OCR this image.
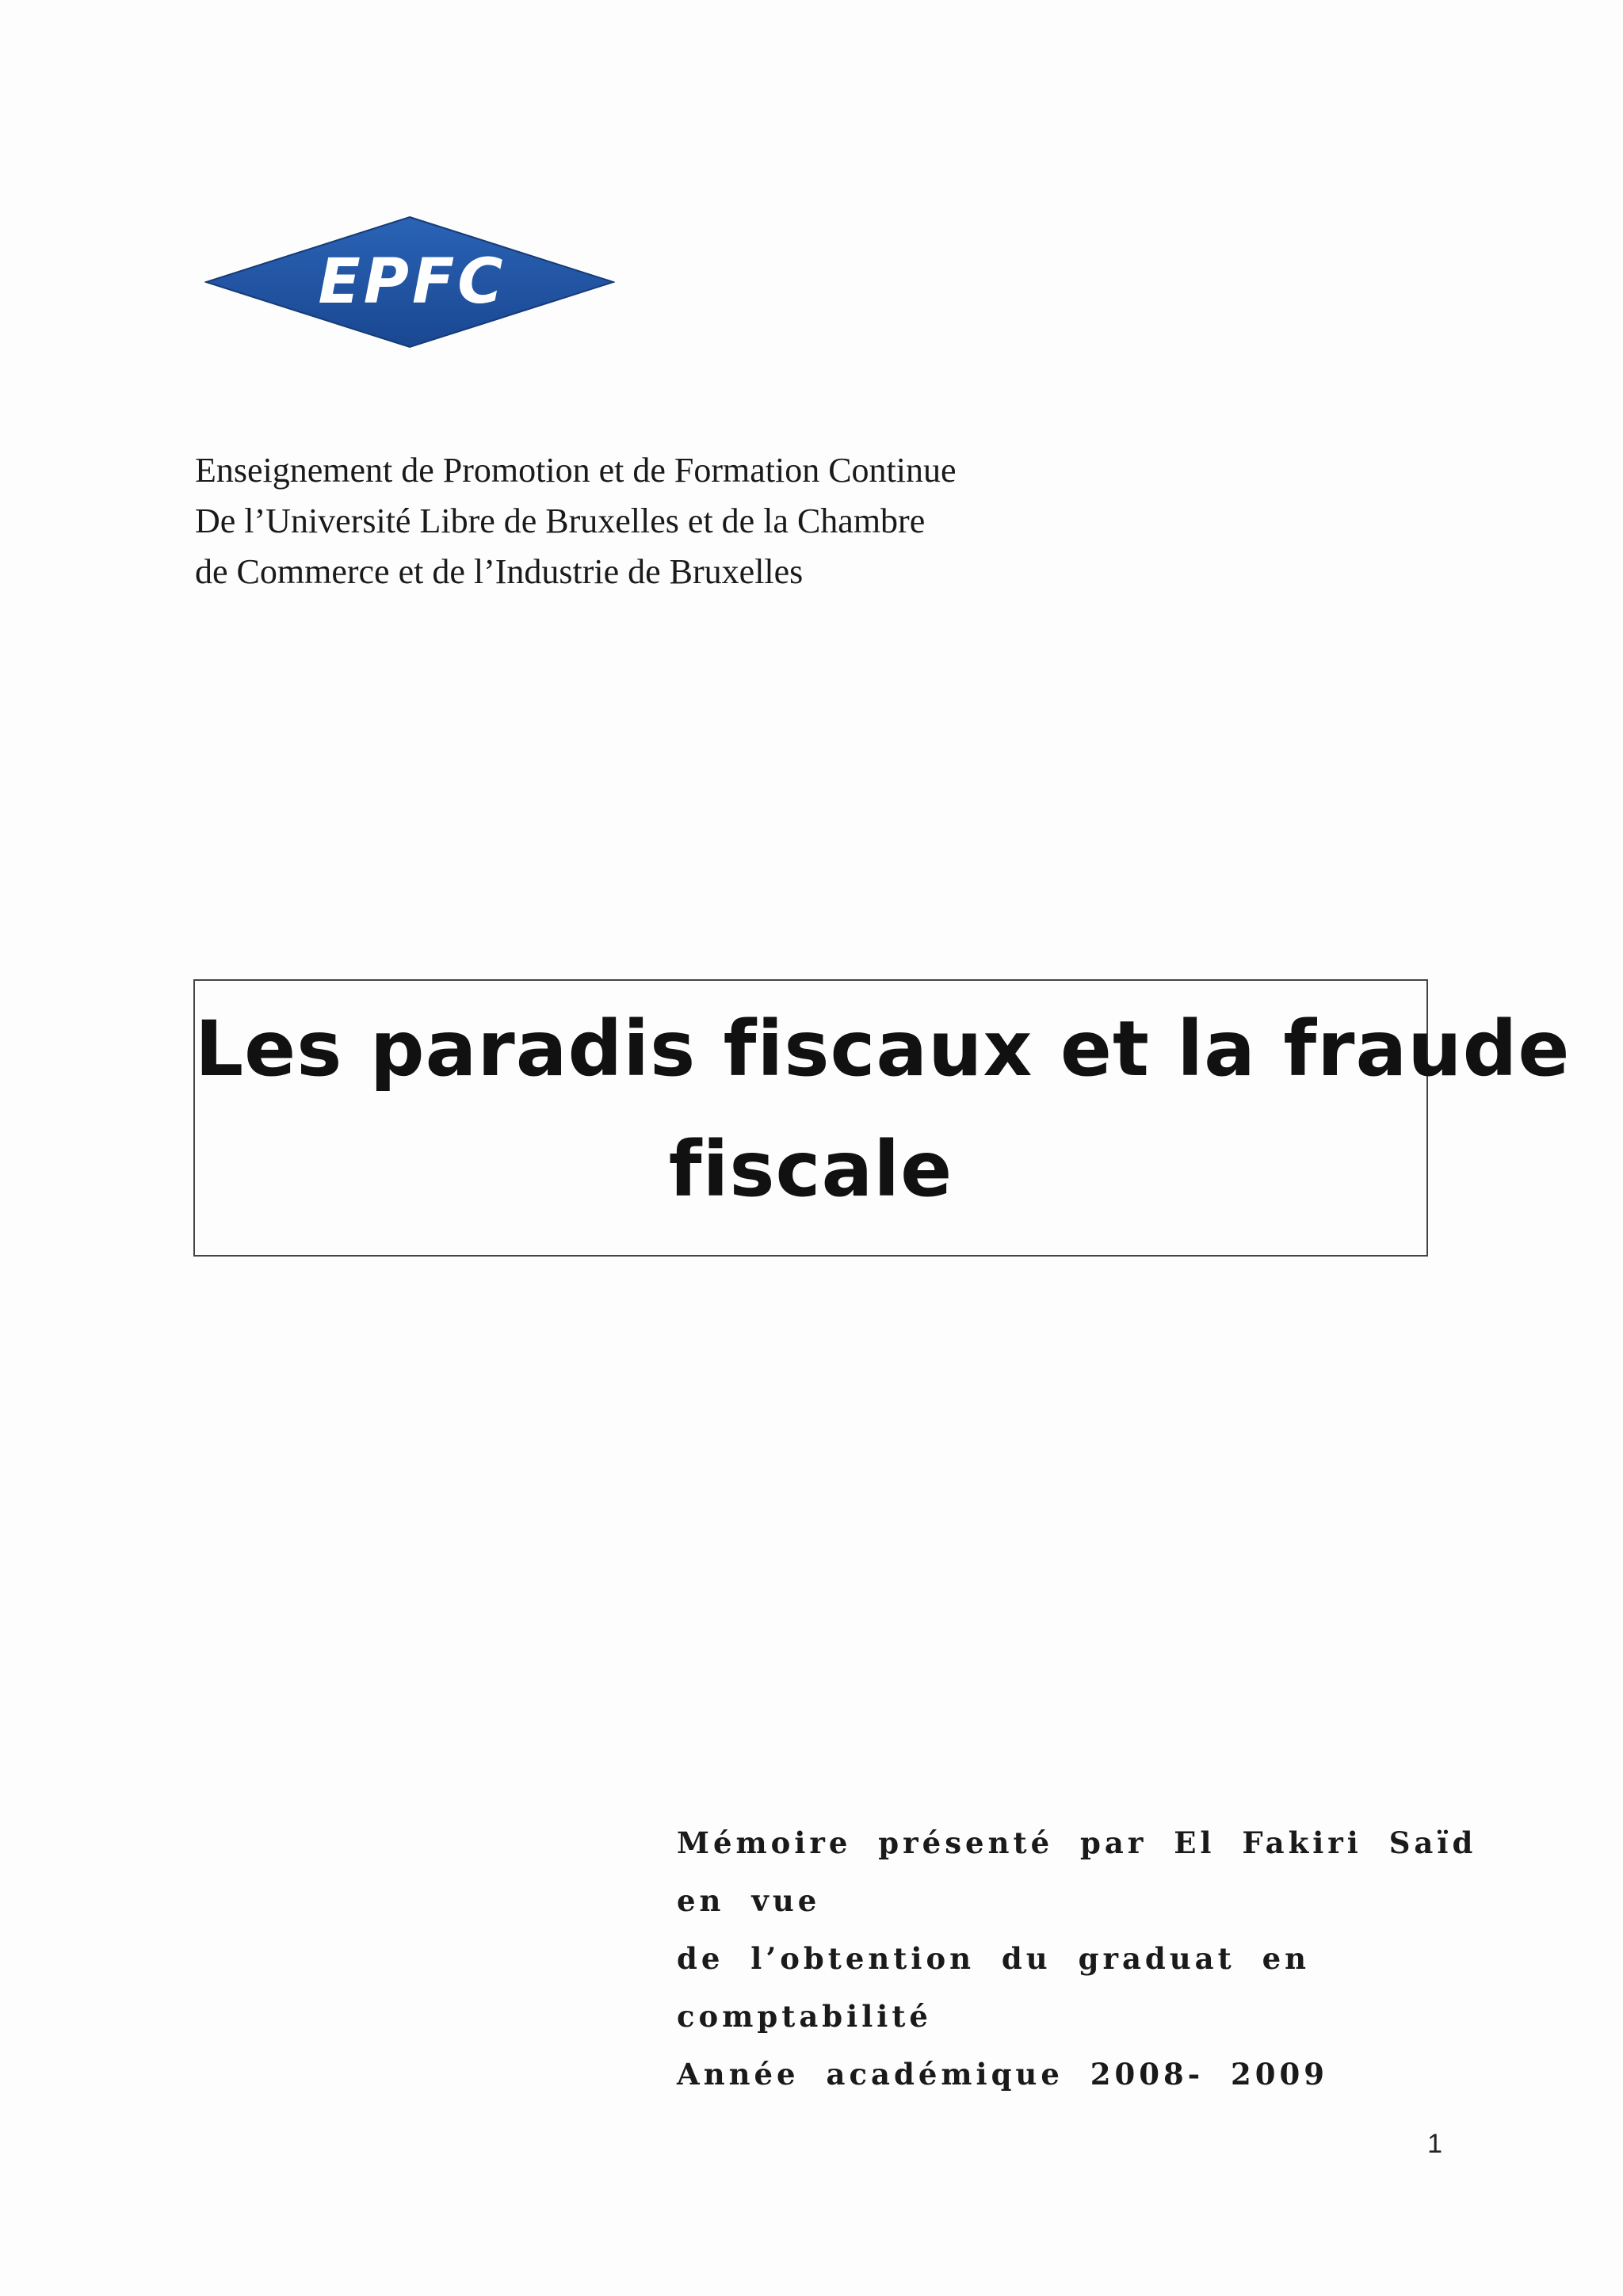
EPFC
Enseignement de Promotion et de Formation Continue
De l’Université Libre de Bruxelles et de la Chambre
de Commerce et de l’Industrie de Bruxelles
Les paradis fiscaux et la fraude
fiscale
Mémoire présenté par El Fakiri Saïd
en vue
de l’obtention du graduat en
comptabilité
Année académique 2008- 2009
1
